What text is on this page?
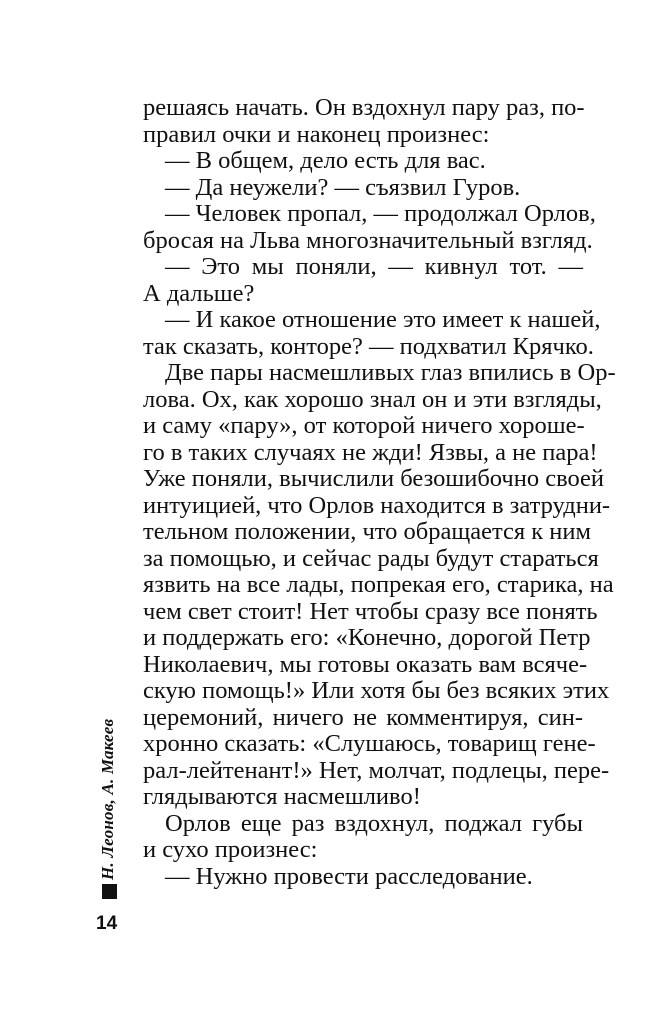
решаясь начать. Он вздохнул пару раз, по-
правил очки и наконец произнес:
— В общем, дело есть для вас.
— Да неужели? — съязвил Гуров.
— Человек пропал, — продолжал Орлов,
бросая на Льва многозначительный взгляд.
— Это мы поняли, — кивнул тот. —
А дальше?
— И какое отношение это имеет к нашей,
так сказать, конторе? — подхватил Крячко.
Две пары насмешливых глаз впились в Ор-
лова. Ох, как хорошо знал он и эти взгляды,
и саму «пару», от которой ничего хороше-
го в таких случаях не жди! Язвы, а не пара!
Уже поняли, вычислили безошибочно своей
интуицией, что Орлов находится в затрудни-
тельном положении, что обращается к ним
за помощью, и сейчас рады будут стараться
язвить на все лады, попрекая его, старика, на
чем свет стоит! Нет чтобы сразу все понять
и поддержать его: «Конечно, дорогой Петр
Николаевич, мы готовы оказать вам всяче-
скую помощь!» Или хотя бы без всяких этих
церемоний, ничего не комментируя, син-
хронно сказать: «Слушаюсь, товарищ гене-
рал-лейтенант!» Нет, молчат, подлецы, пере-
глядываются насмешливо!
Орлов еще раз вздохнул, поджал губы
и сухо произнес:
— Нужно провести расследование.
Н. Леонов, А. Макеев
14
